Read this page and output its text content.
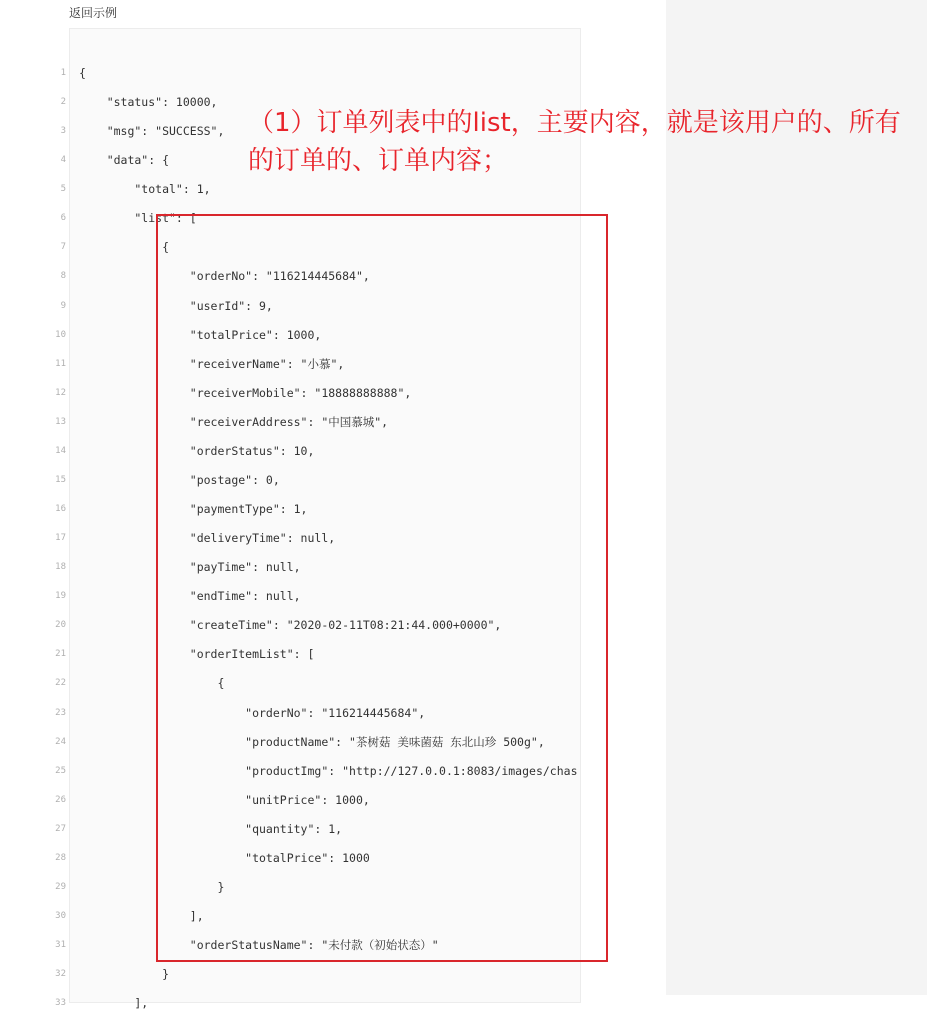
返回示例
1
2
3
4
5
6
7
8
9
10
11
12
13
14
15
16
17
18
19
20
21
22
23
24
25
26
27
28
29
30
31
32
33
{
"status": 10000,
"msg": "SUCCESS",
"data": {
"total": 1,
"list": [
{
"orderNo": "116214445684",
"userId": 9,
"totalPrice": 1000,
"receiverName": "小慕",
"receiverMobile": "18888888888",
"receiverAddress": "中国慕城",
"orderStatus": 10,
"postage": 0,
"paymentType": 1,
"deliveryTime": null,
"payTime": null,
"endTime": null,
"createTime": "2020-02-11T08:21:44.000+0000",
"orderItemList": [
{
"orderNo": "116214445684",
"productName": "茶树菇 美味菌菇 东北山珍 500g",
"productImg": "http://127.0.0.1:8083/images/chas
"unitPrice": 1000,
"quantity": 1,
"totalPrice": 1000
}
],
"orderStatusName": "未付款（初始状态）"
}
],
（1）订单列表中的list，主要内容，就是该用户的、所有的订单的、订单内容；
